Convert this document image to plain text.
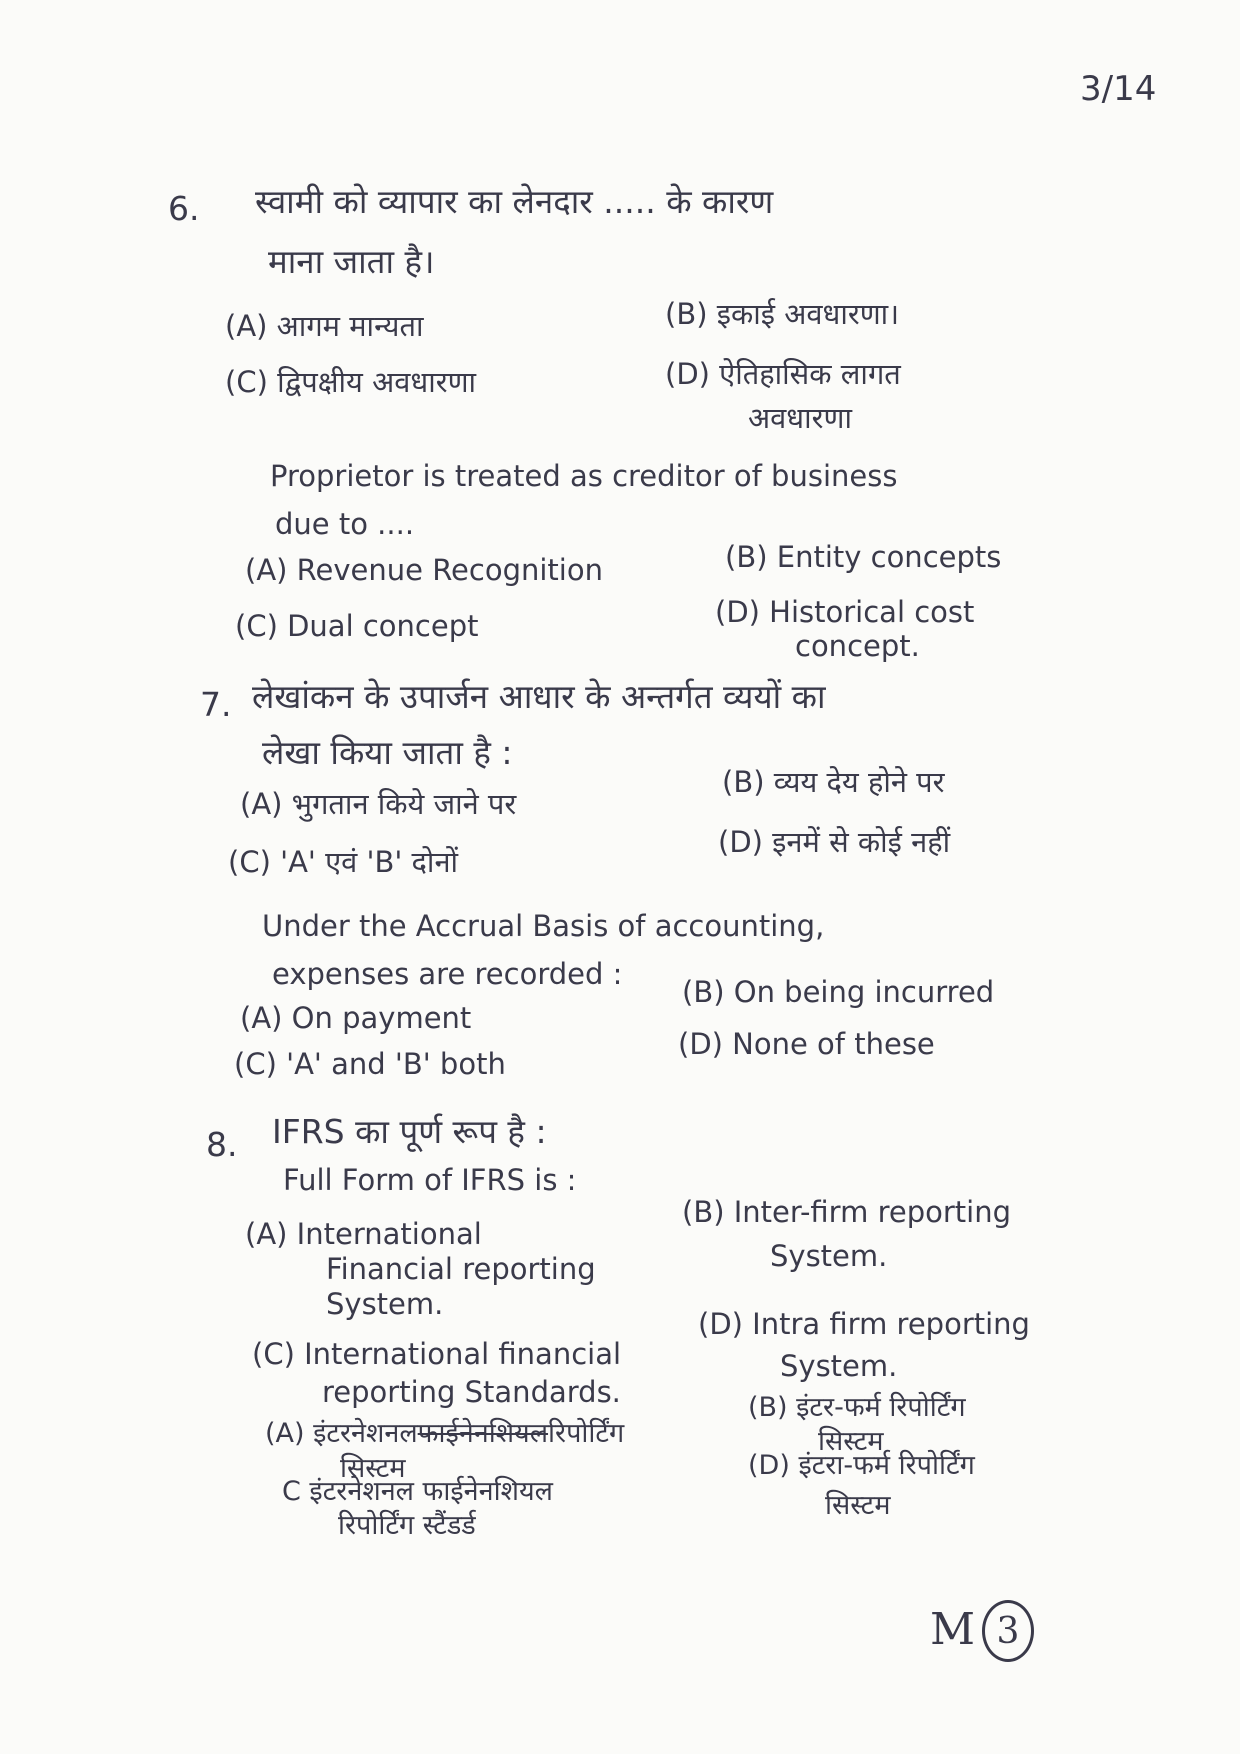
3/14
6. स्वामी को व्यापार का लेनदार ..... के कारण
माना जाता है।
(A) आगम मान्यता	(B) इकाई अवधारणा।
(C) द्विपक्षीय अवधारणा	(D) ऐतिहासिक लागत
अवधारणा
Proprietor is treated as creditor of business
due to ....
(A) Revenue Recognition	(B) Entity concepts
(C) Dual concept	(D) Historical cost
concept.
7. लेखांकन के उपार्जन आधार के अन्तर्गत व्ययों का
लेखा किया जाता है :
(A) भुगतान किये जाने पर
(B) व्यय देय होने पर
(C) 'A' एवं 'B' दोनों
(D) इनमें से कोई नहीं
Under the Accrual Basis of accounting,
expenses are recorded :
(A) On payment
(B) On being incurred
(C) 'A' and 'B' both
(D) None of these
8. IFRS का पूर्ण रूप है :
Full Form of IFRS is :
(A) International
Financial reporting
System.
(B) Inter-firm reporting
System.
(C) International financial
reporting Standards.
(D) Intra firm reporting
System.
(A) इंटरनेशनलफाईनेनशियलरिपोर्टिंग
सिस्टम
(B) इंटर-फर्म रिपोर्टिंग
सिस्टम
C इंटरनेशनल फाईनेनशियल
रिपोर्टिंग स्टैंडर्ड
(D) इंटरा-फर्म रिपोर्टिंग
सिस्टम
M 3
